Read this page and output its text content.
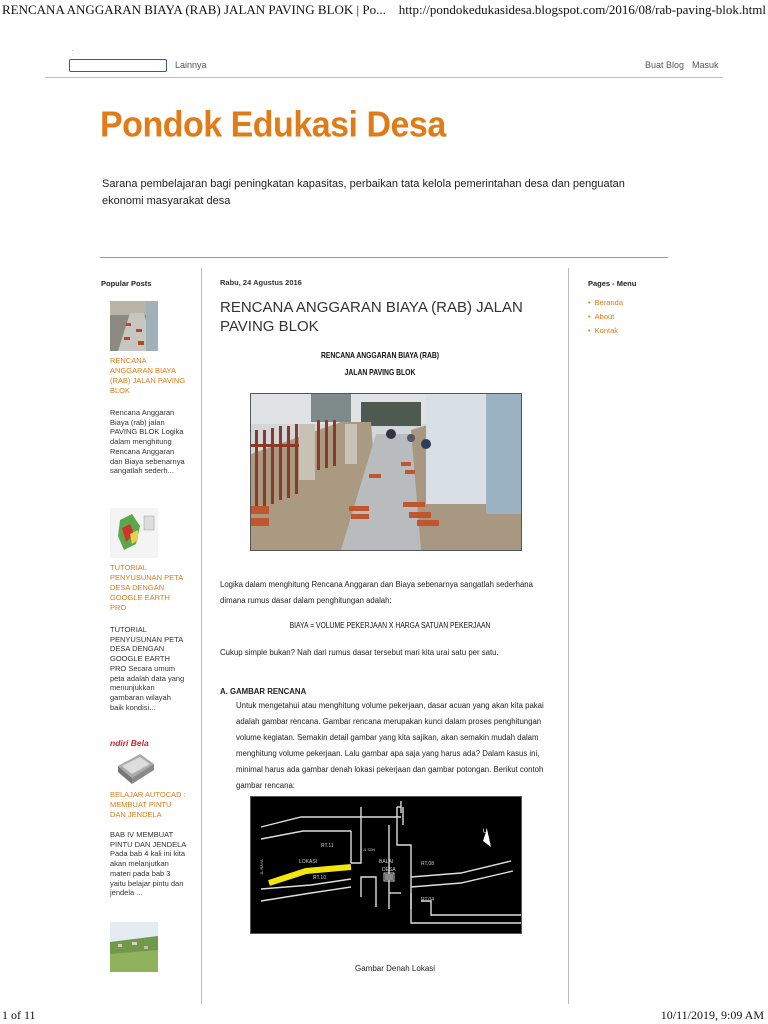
RENCANA ANGGARAN BIAYA (RAB) JALAN PAVING BLOK | Po... http://pondokedukasidesa.blogspot.com/2016/08/rab-paving-blok.html
1 of 11	10/11/2019, 9:09 AM
.
Lainnya	Buat Blog Masuk
Pondok Edukasi Desa
Sarana pembelajaran bagi peningkatan kapasitas, perbaikan tata kelola pemerintahan desa dan penguatan ekonomi masyarakat desa
Popular Posts
RENCANA ANGGARAN BIAYA (RAB) JALAN PAVING BLOK
Rencana Anggaran Biaya (rab) jalan PAVING BLOK Logika dalam menghitung Rencana Anggaran dan Biaya sebenarnya sangatlah sederh...
TUTORIAL PENYUSUNAN PETA DESA DENGAN GOOGLE EARTH PRO
TUTORIAL PENYUSUNAN PETA DESA DENGAN GOOGLE EARTH PRO Secara umum peta adalah data yang menunjukkan gambaran wilayah baik kondisi...
ndiri Bela
BELAJAR AUTOCAD : MEMBUAT PINTU DAN JENDELA
BAB IV MEMBUAT PINTU DAN JENDELA Pada bab 4 kali ini kita akan melanjutkan materi pada bab 3 yaitu belajar pintu dan jendela ...
Rabu, 24 Agustus 2016
RENCANA ANGGARAN BIAYA (RAB) JALAN PAVING BLOK
RENCANA ANGGARAN BIAYA (RAB)
JALAN PAVING BLOK
Logika dalam menghitung Rencana Anggaran dan Biaya sebenarnya sangatlah sederhana dimana rumus dasar dalam penghitungan adalah:
BIAYA = VOLUME PEKERJAAN X HARGA SATUAN PEKERJAAN
Cukup simple bukan? Nah dari rumus dasar tersebut mari kita urai satu per satu.
A. GAMBAR RENCANA
Untuk mengetahui atau menghitung volume pekerjaan, dasar acuan yang akan kita pakai adalah gambar rencana. Gambar rencana merupakan kunci dalam proses penghitungan volume kegiatan. Semakin detail gambar yang kita sajikan, akan semakin mudah dalam menghitung volume pekerjaan. Lalu gambar apa saja yang harus ada? Dalam kasus ini, minimal harus ada gambar denah lokasi pekerjaan dan gambar potongan. Berikut contoh gambar rencana:
RT.11
JL SDN
LOKASI
RT.10
BALAI
DESA
RT.08
RT.04
JL.RAYA
U
Gambar Denah Lokasi
Pages - Menu
• Beranda
• About
• Kontak
